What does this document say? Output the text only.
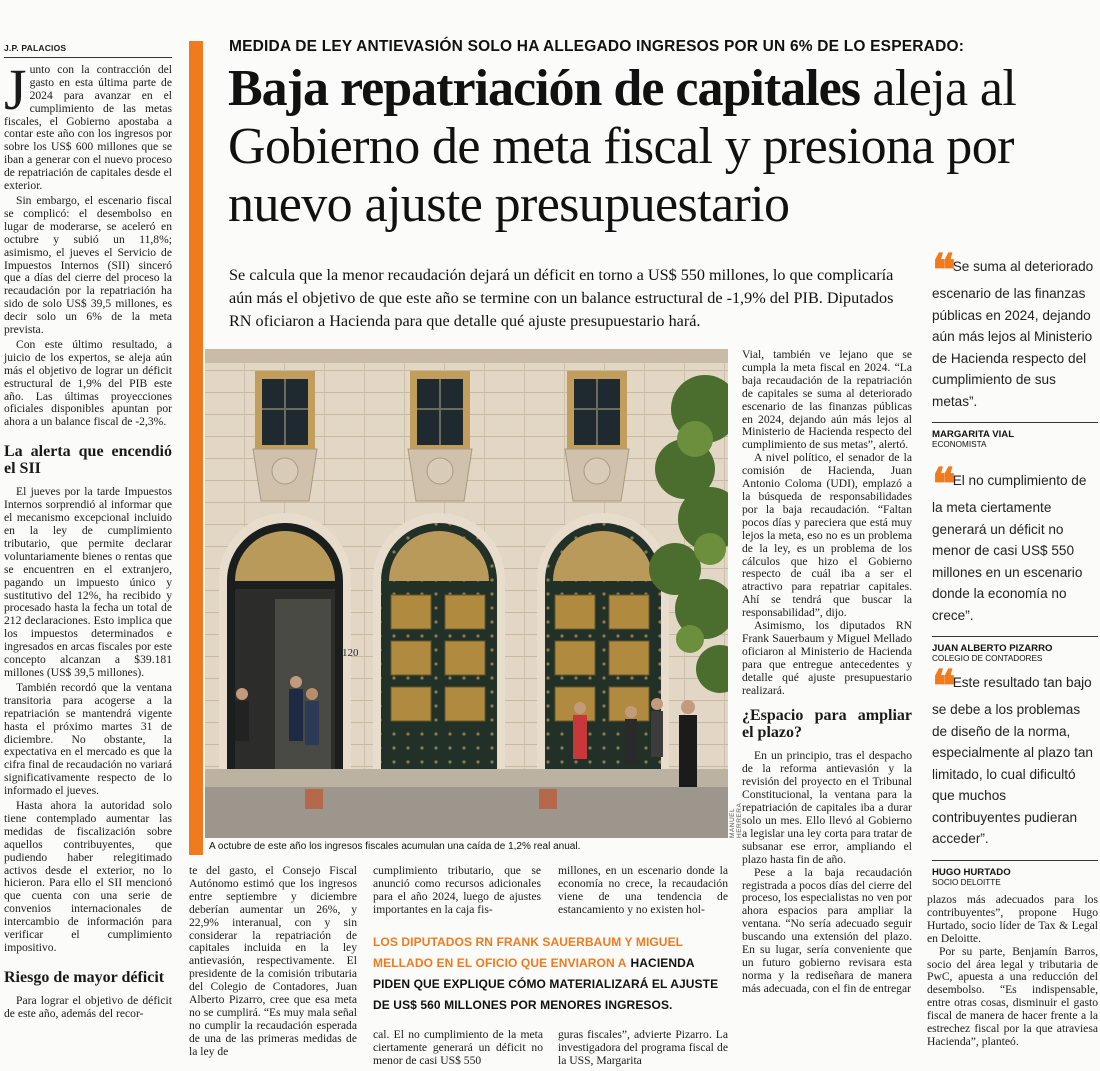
J.P. PALACIOS

Junto con la contracción del gasto en esta última parte de 2024 para avanzar en el cumplimiento de las metas fiscales, el Gobierno apostaba a contar este año con los ingresos por sobre los US$ 600 millones que se iban a generar con el nuevo proceso de repatriación de capitales desde el exterior.

Sin embargo, el escenario fiscal se complicó: el desembolso en lugar de moderarse, se aceleró en octubre y subió un 11,8%; asimismo, el jueves el Servicio de Impuestos Internos (SII) sinceró que a días del cierre del proceso la recaudación por la repatriación ha sido de solo US$ 39,5 millones, es decir solo un 6% de la meta prevista.

Con este último resultado, a juicio de los expertos, se aleja aún más el objetivo de lograr un déficit estructural de 1,9% del PIB este año. Las últimas proyecciones oficiales disponibles apuntan por ahora a un balance fiscal de -2,3%.

La alerta que encendió el SII

El jueves por la tarde Impuestos Internos sorprendió al informar que el mecanismo excepcional incluido en la ley de cumplimiento tributario, que permite declarar voluntariamente bienes o rentas que se encuentren en el extranjero, pagando un impuesto único y sustitutivo del 12%, ha recibido y procesado hasta la fecha un total de 212 declaraciones. Esto implica que los impuestos determinados e ingresados en arcas fiscales por este concepto alcanzan a $39.181 millones (US$ 39,5 millones).

También recordó que la ventana transitoria para acogerse a la repatriación se mantendrá vigente hasta el próximo martes 31 de diciembre. No obstante, la expectativa en el mercado es que la cifra final de recaudación no variará significativamente respecto de lo informado el jueves.

Hasta ahora la autoridad solo tiene contemplado aumentar las medidas de fiscalización sobre aquellos contribuyentes, que pudiendo haber relegitimado activos desde el exterior, no lo hicieron. Para ello el SII mencionó que cuenta con una serie de convenios internacionales de intercambio de información para verificar el cumplimiento impositivo.

Riesgo de mayor déficit

Para lograr el objetivo de déficit de este año, además del recor-

MEDIDA DE LEY ANTIEVASIÓN SOLO HA ALLEGADO INGRESOS POR UN 6% DE LO ESPERADO:
Baja repatriación de capitales aleja al Gobierno de meta fiscal y presiona por nuevo ajuste presupuestario
Se calcula que la menor recaudación dejará un déficit en torno a US$ 550 millones, lo que complicaría aún más el objetivo de que este año se termine con un balance estructural de -1,9% del PIB. Diputados RN oficiaron a Hacienda para que detalle qué ajuste presupuestario hará.
120
MANUEL HERRERA
A octubre de este año los ingresos fiscales acumulan una caída de 1,2% real anual.
te del gasto, el Consejo Fiscal Autónomo estimó que los ingresos entre septiembre y diciembre deberían aumentar un 26%, y 22,9% interanual, con y sin considerar la repatriación de capitales incluida en la ley antievasión, respectivamente. El presidente de la comisión tributaria del Colegio de Contadores, Juan Alberto Pizarro, cree que esa meta no se cumplirá. “Es muy mala señal no cumplir la recaudación esperada de una de las primeras medidas de la ley de
cumplimiento tributario, que se anunció como recursos adicionales para el año 2024, luego de ajustes importantes en la caja fis-
millones, en un escenario donde la economía no crece, la recaudación viene de una tendencia de estancamiento y no existen hol-
LOS DIPUTADOS RN FRANK SAUERBAUM Y MIGUEL MELLADO EN EL OFICIO QUE ENVIARON A HACIENDA PIDEN QUE EXPLIQUE CÓMO MATERIALIZARÁ EL AJUSTE DE US$ 560 MILLONES POR MENORES INGRESOS.
cal. El no cumplimiento de la meta ciertamente generará un déficit no menor de casi US$ 550
guras fiscales”, advierte Pizarro. La investigadora del programa fiscal de la USS, Margarita

Vial, también ve lejano que se cumpla la meta fiscal en 2024. “La baja recaudación de la repatriación de capitales se suma al deteriorado escenario de las finanzas públicas en 2024, dejando aún más lejos al Ministerio de Hacienda respecto del cumplimiento de sus metas”, alertó.

A nivel político, el senador de la comisión de Hacienda, Juan Antonio Coloma (UDI), emplazó a la búsqueda de responsabilidades por la baja recaudación. “Faltan pocos días y pareciera que está muy lejos la meta, eso no es un problema de la ley, es un problema de los cálculos que hizo el Gobierno respecto de cuál iba a ser el atractivo para repatriar capitales. Ahí se tendrá que buscar la responsabilidad”, dijo.

Asimismo, los diputados RN Frank Sauerbaum y Miguel Mellado oficiaron al Ministerio de Hacienda para que entregue antecedentes y detalle qué ajuste presupuestario realizará.

¿Espacio para ampliar el plazo?

En un principio, tras el despacho de la reforma antievasión y la revisión del proyecto en el Tribunal Constitucional, la ventana para la repatriación de capitales iba a durar solo un mes. Ello llevó al Gobierno a legislar una ley corta para tratar de subsanar ese error, ampliando el plazo hasta fin de año.

Pese a la baja recaudación registrada a pocos días del cierre del proceso, los especialistas no ven por ahora espacios para ampliar la ventana. “No sería adecuado seguir buscando una extensión del plazo. En su lugar, sería conveniente que un futuro gobierno revisara esta norma y la rediseñara de manera más adecuada, con el fin de entregar

plazos más adecuados para los contribuyentes”, propone Hugo Hurtado, socio líder de Tax & Legal en Deloitte.

Por su parte, Benjamín Barros, socio del área legal y tributaria de PwC, apuesta a una reducción del desembolso. “Es indispensable, entre otras cosas, disminuir el gasto fiscal de manera de hacer frente a la estrechez fiscal por la que atraviesa Hacienda”, planteó.

❝ Se suma al deteriorado escenario de las finanzas públicas en 2024, dejando aún más lejos al Ministerio de Hacienda respecto del cumplimiento de sus metas”.
MARGARITA VIAL
ECONOMISTA
❝ El no cumplimiento de la meta ciertamente generará un déficit no menor de casi US$ 550 millones en un escenario donde la economía no crece”.
JUAN ALBERTO PIZARRO
COLEGIO DE CONTADORES
❝ Este resultado tan bajo se debe a los problemas de diseño de la norma, especialmente al plazo tan limitado, lo cual dificultó que muchos contribuyentes pudieran acceder”.
HUGO HURTADO
SOCIO DELOITTE
